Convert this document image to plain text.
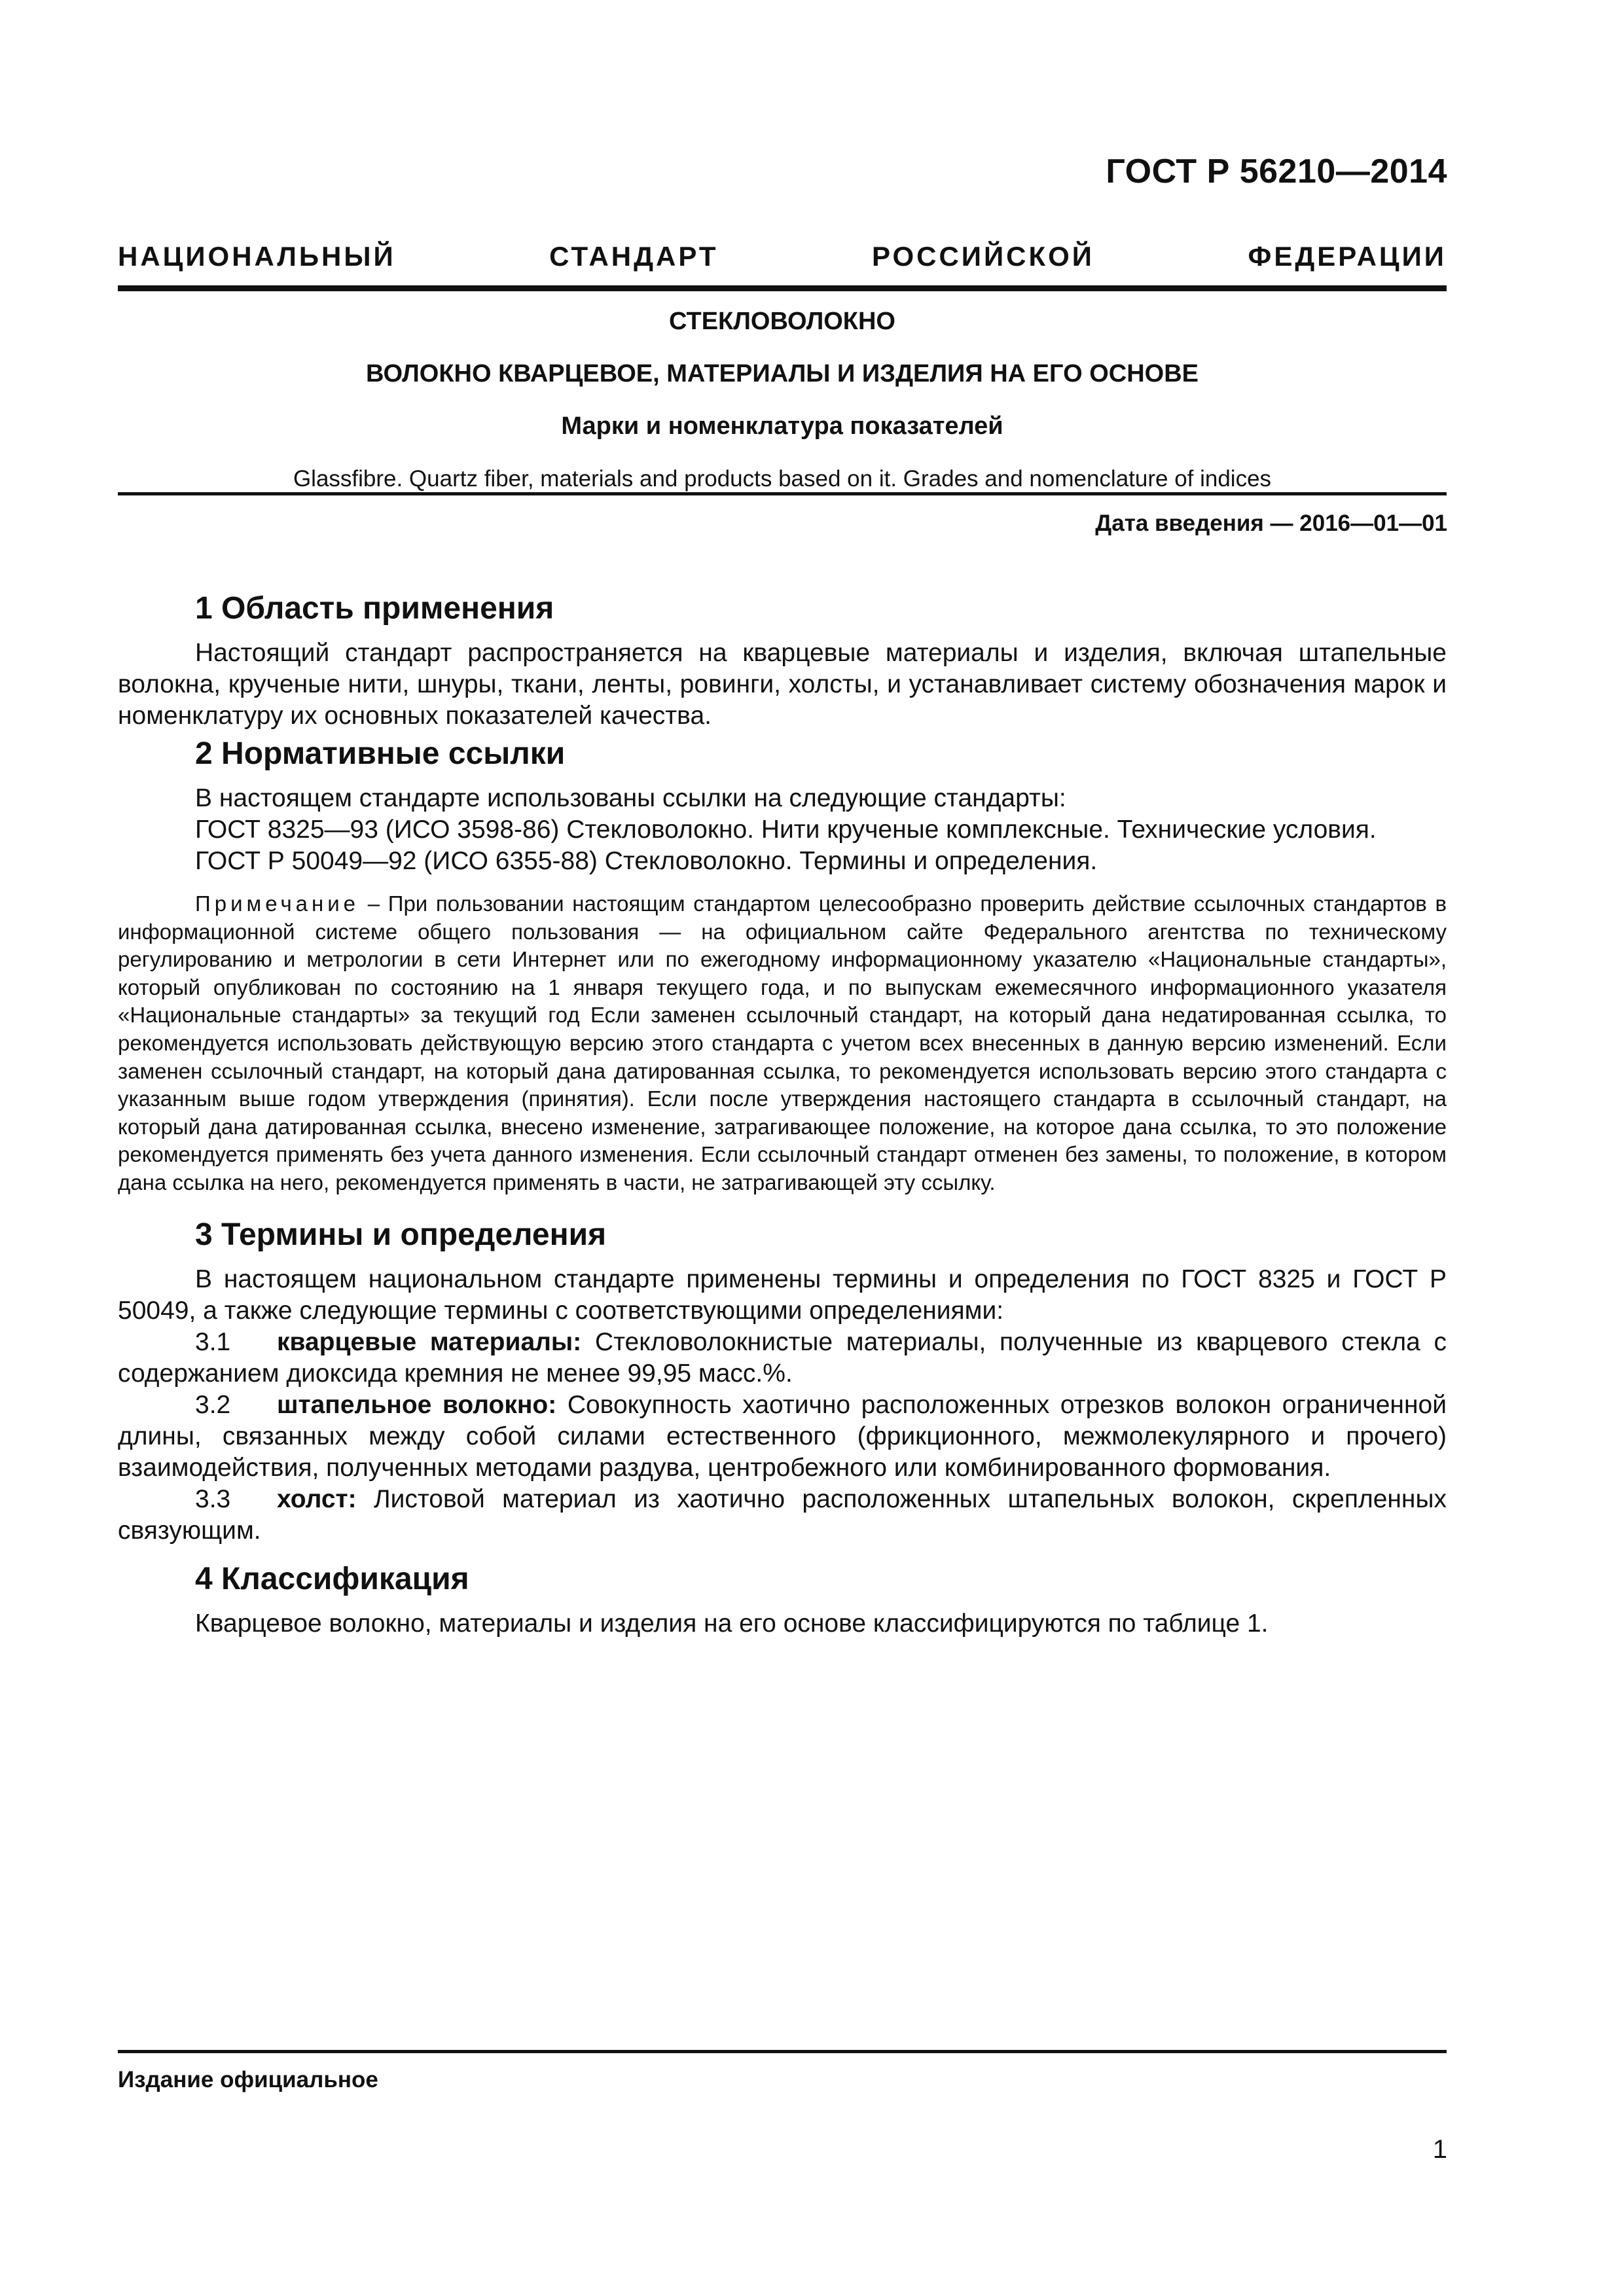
ГОСТ Р 56210—2014
НАЦИОНАЛЬНЫЙ СТАНДАРТ РОССИЙСКОЙ ФЕДЕРАЦИИ
СТЕКЛОВОЛОКНО
ВОЛОКНО КВАРЦЕВОЕ, МАТЕРИАЛЫ И ИЗДЕЛИЯ НА ЕГО ОСНОВЕ
Марки и номенклатура показателей
Glassfibre. Quartz fiber, materials and products based on it. Grades and nomenclature of indices
Дата введения — 2016—01—01
1 Область применения

Настоящий стандарт распространяется на кварцевые материалы и изделия, включая штапельные волокна, крученые нити, шнуры, ткани, ленты, ровинги, холсты, и устанавливает систему обозначения марок и номенклатуру их основных показателей качества.

2 Нормативные ссылки

В настоящем стандарте использованы ссылки на следующие стандарты:

ГОСТ 8325—93 (ИСО 3598-86) Стекловолокно. Нити крученые комплексные. Технические условия.

ГОСТ Р 50049—92 (ИСО 6355-88) Стекловолокно. Термины и определения.

Примечание – При пользовании настоящим стандартом целесообразно проверить действие ссылочных стандартов в информационной системе общего пользования — на официальном сайте Федерального агентства по техническому регулированию и метрологии в сети Интернет или по ежегодному информационному указателю «Национальные стандарты», который опубликован по состоянию на 1 января текущего года, и по выпускам ежемесячного информационного указателя «Национальные стандарты» за текущий год Если заменен ссылочный стандарт, на который дана недатированная ссылка, то рекомендуется использовать действующую версию этого стандарта с учетом всех внесенных в данную версию изменений. Если заменен ссылочный стандарт, на который дана датированная ссылка, то рекомендуется использовать версию этого стандарта с указанным выше годом утверждения (принятия). Если после утверждения настоящего стандарта в ссылочный стандарт, на который дана датированная ссылка, внесено изменение, затрагивающее положение, на которое дана ссылка, то это положение рекомендуется применять без учета данного изменения. Если ссылочный стандарт отменен без замены, то положение, в котором дана ссылка на него, рекомендуется применять в части, не затрагивающей эту ссылку.

3 Термины и определения

В настоящем национальном стандарте применены термины и определения по ГОСТ 8325 и ГОСТ Р 50049, а также следующие термины с соответствующими определениями:

3.1 кварцевые материалы: Стекловолокнистые материалы, полученные из кварцевого стекла с содержанием диоксида кремния не менее 99,95 масс.%.

3.2 штапельное волокно: Совокупность хаотично расположенных отрезков волокон ограниченной длины, связанных между собой силами естественного (фрикционного, межмолекулярного и прочего) взаимодействия, полученных методами раздува, центробежного или комбинированного формования.

3.3 холст: Листовой материал из хаотично расположенных штапельных волокон, скрепленных связующим.

4 Классификация

Кварцевое волокно, материалы и изделия на его основе классифицируются по таблице 1.

Издание официальное
1
